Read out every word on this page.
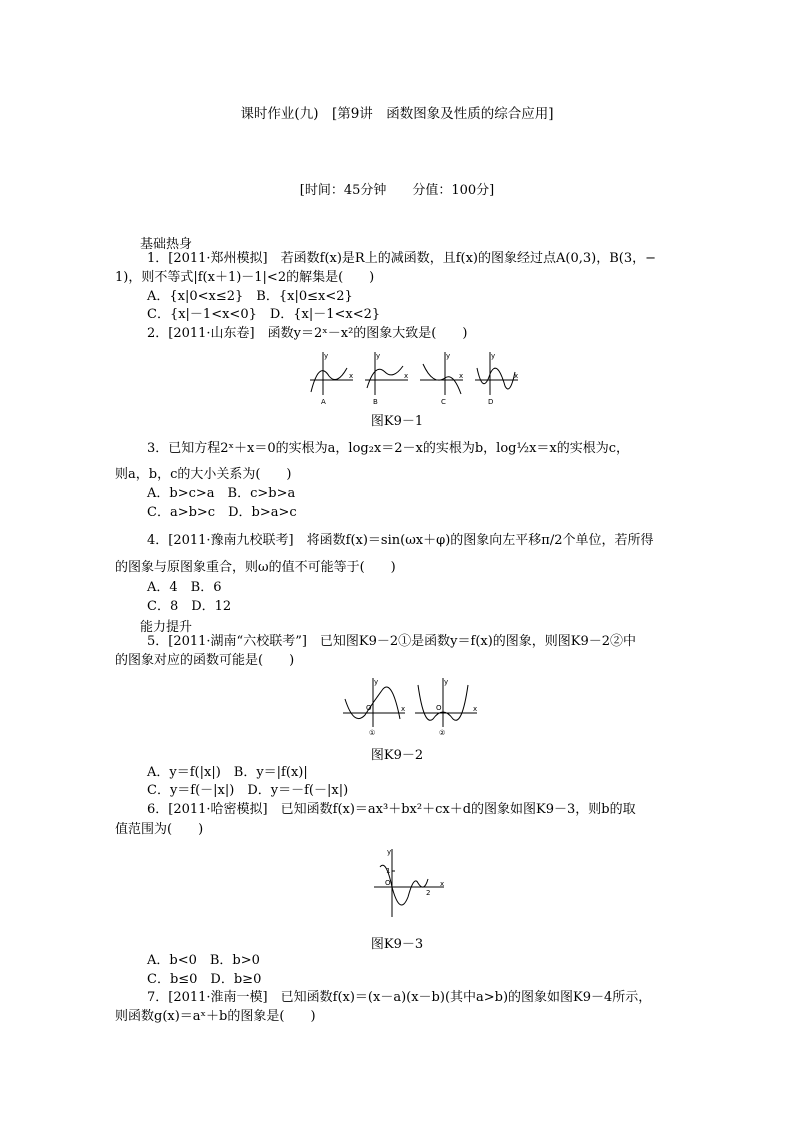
课时作业(九)　[第9讲　函数图象及性质的综合应用]
[时间：45分钟　　分值：100分]
基础热身
1．[2011·郑州模拟]　若函数f(x)是R上的减函数，且f(x)的图象经过点A(0,3)，B(3，−
1)，则不等式|f(x＋1)－1|<2的解集是(　　)
A．{x|0<x≤2}　B．{x|0≤x<2}
C．{x|－1<x<0}　D．{x|－1<x<2}
2．[2011·山东卷]　函数y＝2ˣ－x²的图象大致是(　　)
y
x
y
x
y
x
y
x
A	B	C	D
图K9－1
3．已知方程2ˣ＋x＝0的实根为a，log₂x＝2－x的实根为b，log½x＝x的实根为c，
则a，b，c的大小关系为(　　)
A．b>c>a　B．c>b>a
C．a>b>c　D．b>a>c
4．[2011·豫南九校联考]　将函数f(x)＝sin(ωx＋φ)的图象向左平移π/2个单位，若所得
的图象与原图象重合，则ω的值不可能等于(　　)
A．4　B．6
C．8　D．12
能力提升
5．[2011·湖南“六校联考”]　已知图K9－2①是函数y＝f(x)的图象，则图K9－2②中
的图象对应的函数可能是(　　)
y
x
O
y
x
O
①	②
图K9－2
A．y＝f(|x|)　B．y＝|f(x)|
C．y＝f(－|x|)　D．y＝－f(－|x|)
6．[2011·哈密模拟]　已知函数f(x)＝ax³＋bx²＋cx＋d的图象如图K9－3，则b的取
值范围为(　　)
y
x
O
1
2
图K9－3
A．b<0　B．b>0
C．b≤0　D．b≥0
7．[2011·淮南一模]　已知函数f(x)＝(x－a)(x－b)(其中a>b)的图象如图K9－4所示，
则函数g(x)＝aˣ＋b的图象是(　　)
